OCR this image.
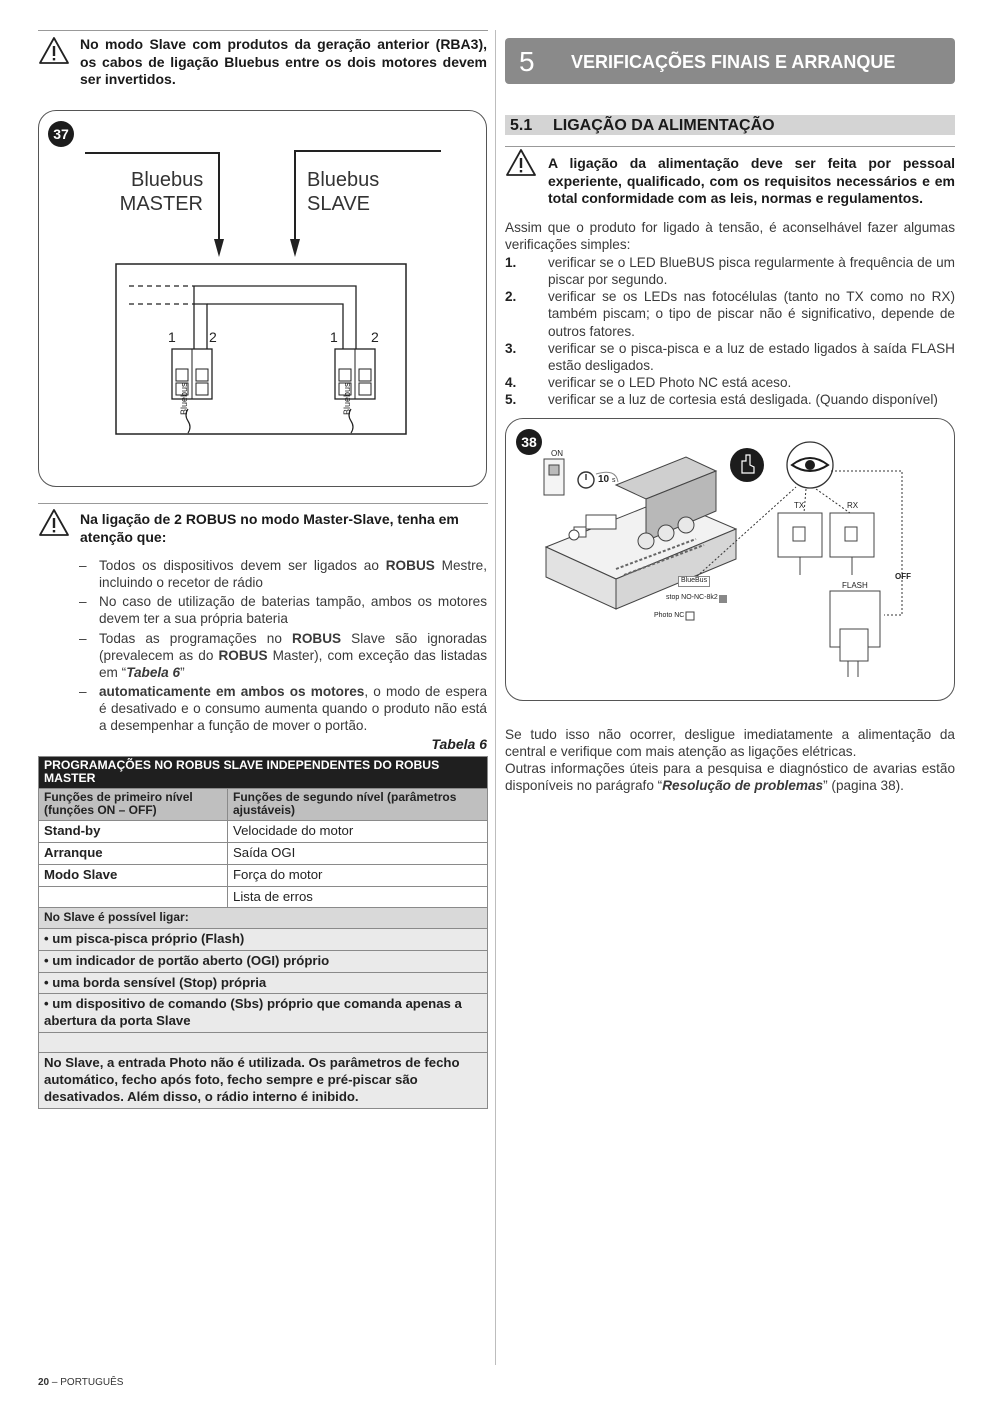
No modo Slave com produtos da geração anterior (RBA3), os cabos de ligação Bluebus entre os dois motores devem ser invertidos.
37
Bluebus
MASTER
Bluebus
SLAVE
1 2	1 2
Bluebus	Bluebus
Na ligação de 2 ROBUS no modo Master-Slave, tenha em atenção que:
– Todos os dispositivos devem ser ligados ao ROBUS Mestre, incluindo o recetor de rádio
– No caso de utilização de baterias tampão, ambos os motores devem ter a sua própria bateria
– Todas as programações no ROBUS Slave são ignoradas (prevalecem as do ROBUS Master), com exceção das listadas em “Tabela 6”
– automaticamente em ambos os motores, o modo de espera é desativado e o consumo aumenta quando o produto não está a desempenhar a função de mover o portão.
Tabela 6
PROGRAMAÇÕES NO ROBUS SLAVE INDEPENDENTES DO ROBUS MASTER	
Funções de primeiro nível (funções ON – OFF)	Funções de segundo nível (parâmetros ajustáveis)
Stand-by	Velocidade do motor
Arranque	Saída OGI
Modo Slave	Força do motor
	Lista de erros
No Slave é possível ligar:	
• um pisca-pisca próprio (Flash)	
• um indicador de portão aberto (OGI) próprio	
• uma borda sensível (Stop) própria	
• um dispositivo de comando (Sbs) próprio que comanda apenas a abertura da porta Slave	

No Slave, a entrada Photo não é utilizada. Os parâmetros de fecho automático, fecho após foto, fecho sempre e pré-piscar são desativados. Além disso, o rádio interno é inibido.	
5 VERIFICAÇÕES FINAIS E ARRANQUE
5.1 LIGAÇÃO DA ALIMENTAÇÃO
A ligação da alimentação deve ser feita por pessoal experiente, qualificado, com os requisitos necessários e em total conformidade com as leis, normas e regulamentos.
Assim que o produto for ligado à tensão, é aconselhável fazer algumas verificações simples:
1. verificar se o LED BlueBUS pisca regularmente à frequência de um piscar por segundo.
2. verificar se os LEDs nas fotocélulas (tanto no TX como no RX) também piscam; o tipo de piscar não é significativo, depende de outros fatores.
3. verificar se o pisca-pisca e a luz de estado ligados à saída FLASH estão desligados.
4. verificar se o LED Photo NC está aceso.
5. verificar se a luz de cortesia está desligada. (Quando disponível)
38
ON
10 s
TX	RX
OFF
FLASH
BlueBus
stop NO-NC-8k2
Photo NC
Se tudo isso não ocorrer, desligue imediatamente a alimentação da central e verifique com mais atenção as ligações elétricas.
Outras informações úteis para a pesquisa e diagnóstico de avarias estão disponíveis no parágrafo “Resolução de problemas” (pagina 38).
20 – PORTUGUÊS
